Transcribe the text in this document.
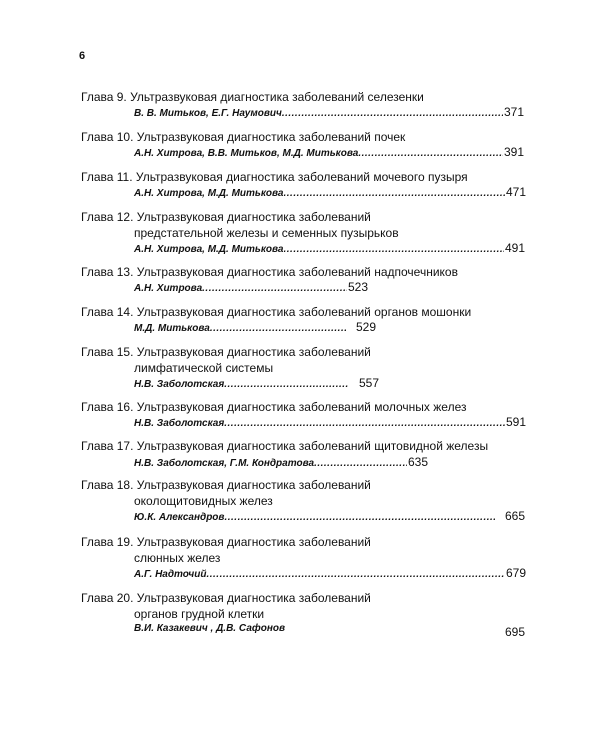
6
Глава 9. Ультразвуковая диагностика заболеваний селезенки
В. В. Митьков, Е.Г. Наумович .....	371
Глава 10. Ультразвуковая диагностика заболеваний почек
А.Н. Хитрова, В.В. Митьков, М.Д. Митькова .....	391
Глава 11. Ультразвуковая диагностика заболеваний мочевого пузыря
А.Н. Хитрова, М.Д. Митькова .....	471
Глава 12. Ультразвуковая диагностика заболеваний
предстательной железы и семенных пузырьков
А.Н. Хитрова, М.Д. Митькова .....	491
Глава 13. Ультразвуковая диагностика заболеваний надпочечников
А.Н. Хитрова .....	523
Глава 14. Ультразвуковая диагностика заболеваний органов мошонки
М.Д. Митькова .....	529
Глава 15. Ультразвуковая диагностика заболеваний
лимфатической системы
Н.В. Заболотская .....	557
Глава 16. Ультразвуковая диагностика заболеваний молочных желез
Н.В. Заболотская .....	591
Глава 17. Ультразвуковая диагностика заболеваний щитовидной железы
Н.В. Заболотская, Г.М. Кондратова .....	635
Глава 18. Ультразвуковая диагностика заболеваний
околощитовидных желез
Ю.К. Александров .....	665
Глава 19. Ультразвуковая диагностика заболеваний
слюнных желез
А.Г. Надточий .....	679
Глава 20. Ультразвуковая диагностика заболеваний
органов грудной клетки
В.И. Казакевич , Д.В. Сафонов	695
